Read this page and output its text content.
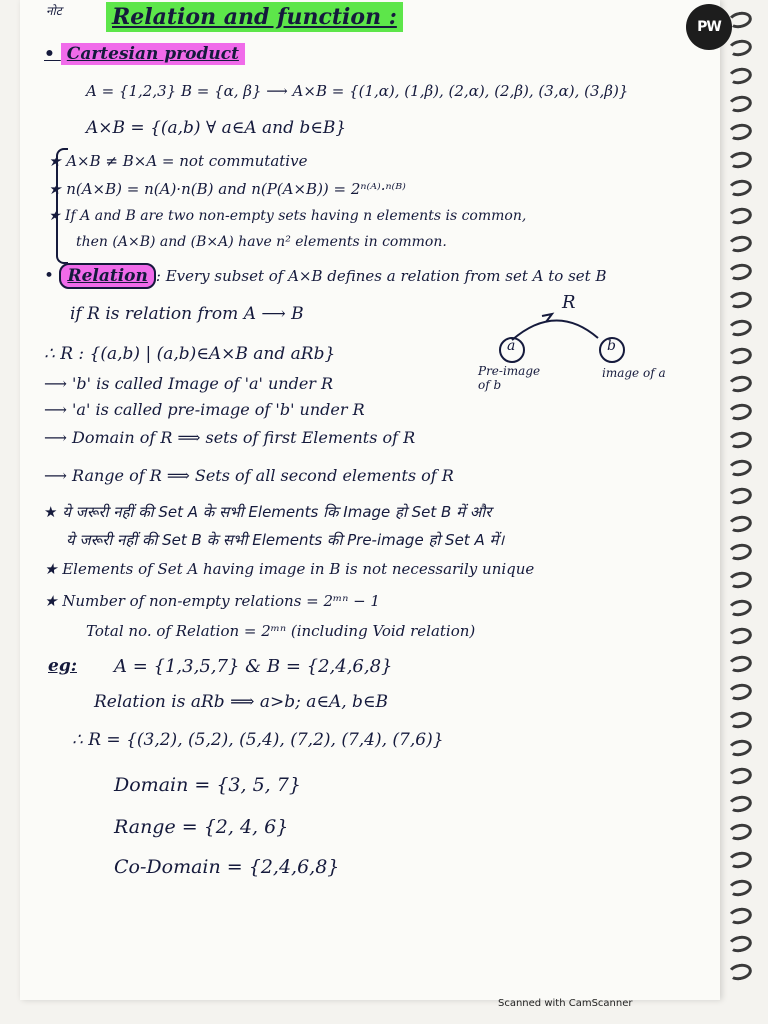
नोट Relation and function :	PW
• Cartesian product
A = {1,2,3} B = {α, β} ⟶ A×B = {(1,α), (1,β), (2,α), (2,β), (3,α), (3,β)}
A×B = {(a,b) ∀ a∈A and b∈B}
★ A×B ≠ B×A = not commutative
★ n(A×B) = n(A)·n(B) and n(P(A×B)) = 2ⁿ⁽ᴬ⁾·ⁿ⁽ᴮ⁾
★ If A and B are two non-empty sets having n elements is common,
then (A×B) and (B×A) have n² elements in common.
• Relation : Every subset of A×B defines a relation from set A to set B
if R is relation from A ⟶ B
∴ R : {(a,b) | (a,b)∈A×B and aRb}
⟶ 'b' is called Image of 'a' under R
⟶ 'a' is called pre-image of 'b' under R
⟶ Domain of R ⟹ sets of first Elements of R
⟶ Range of R ⟹ Sets of all second elements of R
R
a	b
Pre-image of b
image of a
★ ये जरूरी नहीं की Set A के सभी Elements कि Image हो Set B में और
ये जरूरी नहीं की Set B के सभी Elements की Pre-image हो Set A में।
★ Elements of Set A having image in B is not necessarily unique
★ Number of non-empty relations = 2ᵐⁿ − 1
Total no. of Relation = 2ᵐⁿ (including Void relation)
eg: A = {1,3,5,7} & B = {2,4,6,8}
Relation is aRb ⟹ a>b; a∈A, b∈B
∴ R = {(3,2), (5,2), (5,4), (7,2), (7,4), (7,6)}
Domain = {3, 5, 7}
Range = {2, 4, 6}
Co-Domain = {2,4,6,8}
Scanned with CamScanner
